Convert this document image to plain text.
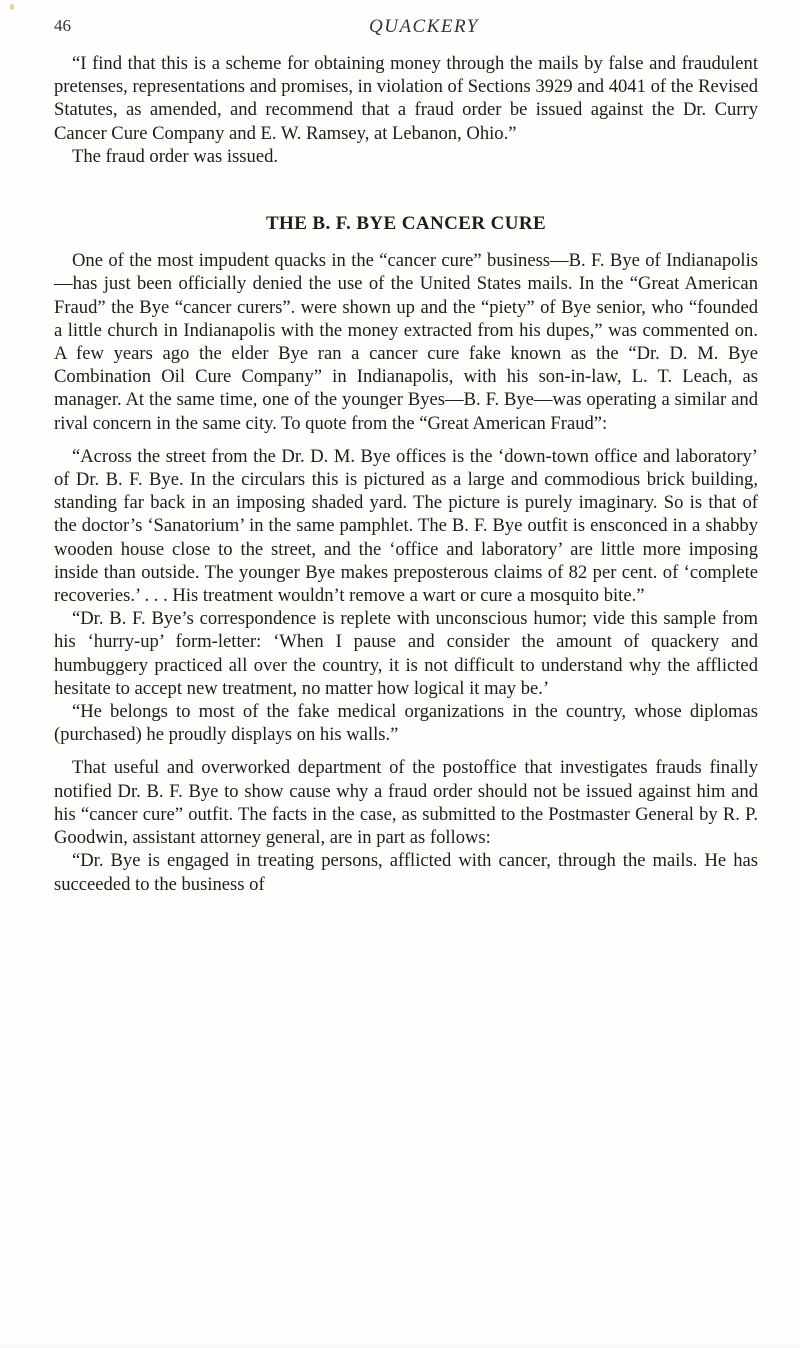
46	QUACKERY

“I find that this is a scheme for obtaining money through the mails by false and fraudulent pretenses, representations and promises, in violation of Sections 3929 and 4041 of the Revised Statutes, as amended, and recommend that a fraud order be issued against the Dr. Curry Cancer Cure Company and E. W. Ramsey, at Lebanon, Ohio.”

The fraud order was issued.

THE B. F. BYE CANCER CURE

One of the most impudent quacks in the “cancer cure” business—B. F. Bye of Indianapolis—has just been officially denied the use of the United States mails. In the “Great American Fraud” the Bye “cancer curers”. were shown up and the “piety” of Bye senior, who “founded a little church in Indianapolis with the money extracted from his dupes,” was commented on. A few years ago the elder Bye ran a cancer cure fake known as the “Dr. D. M. Bye Combination Oil Cure Company” in Indianapolis, with his son-in-law, L. T. Leach, as manager. At the same time, one of the younger Byes—B. F. Bye—was operating a similar and rival concern in the same city. To quote from the “Great American Fraud”:

“Across the street from the Dr. D. M. Bye offices is the ‘down-town office and laboratory’ of Dr. B. F. Bye. In the circulars this is pictured as a large and commodious brick building, standing far back in an imposing shaded yard. The picture is purely imaginary. So is that of the doctor’s ‘Sanatorium’ in the same pamphlet. The B. F. Bye outfit is ensconced in a shabby wooden house close to the street, and the ‘office and laboratory’ are little more imposing inside than outside. The younger Bye makes preposterous claims of 82 per cent. of ‘complete recoveries.’ . . . His treatment wouldn’t remove a wart or cure a mosquito bite.”

“Dr. B. F. Bye’s correspondence is replete with unconscious humor; vide this sample from his ‘hurry-up’ form-letter: ‘When I pause and consider the amount of quackery and humbuggery practiced all over the country, it is not difficult to understand why the afflicted hesitate to accept new treatment, no matter how logical it may be.’

“He belongs to most of the fake medical organizations in the country, whose diplomas (purchased) he proudly displays on his walls.”

That useful and overworked department of the postoffice that investigates frauds finally notified Dr. B. F. Bye to show cause why a fraud order should not be issued against him and his “cancer cure” outfit. The facts in the case, as submitted to the Postmaster General by R. P. Goodwin, assistant attorney general, are in part as follows:

“Dr. Bye is engaged in treating persons, afflicted with cancer, through the mails. He has succeeded to the business of
